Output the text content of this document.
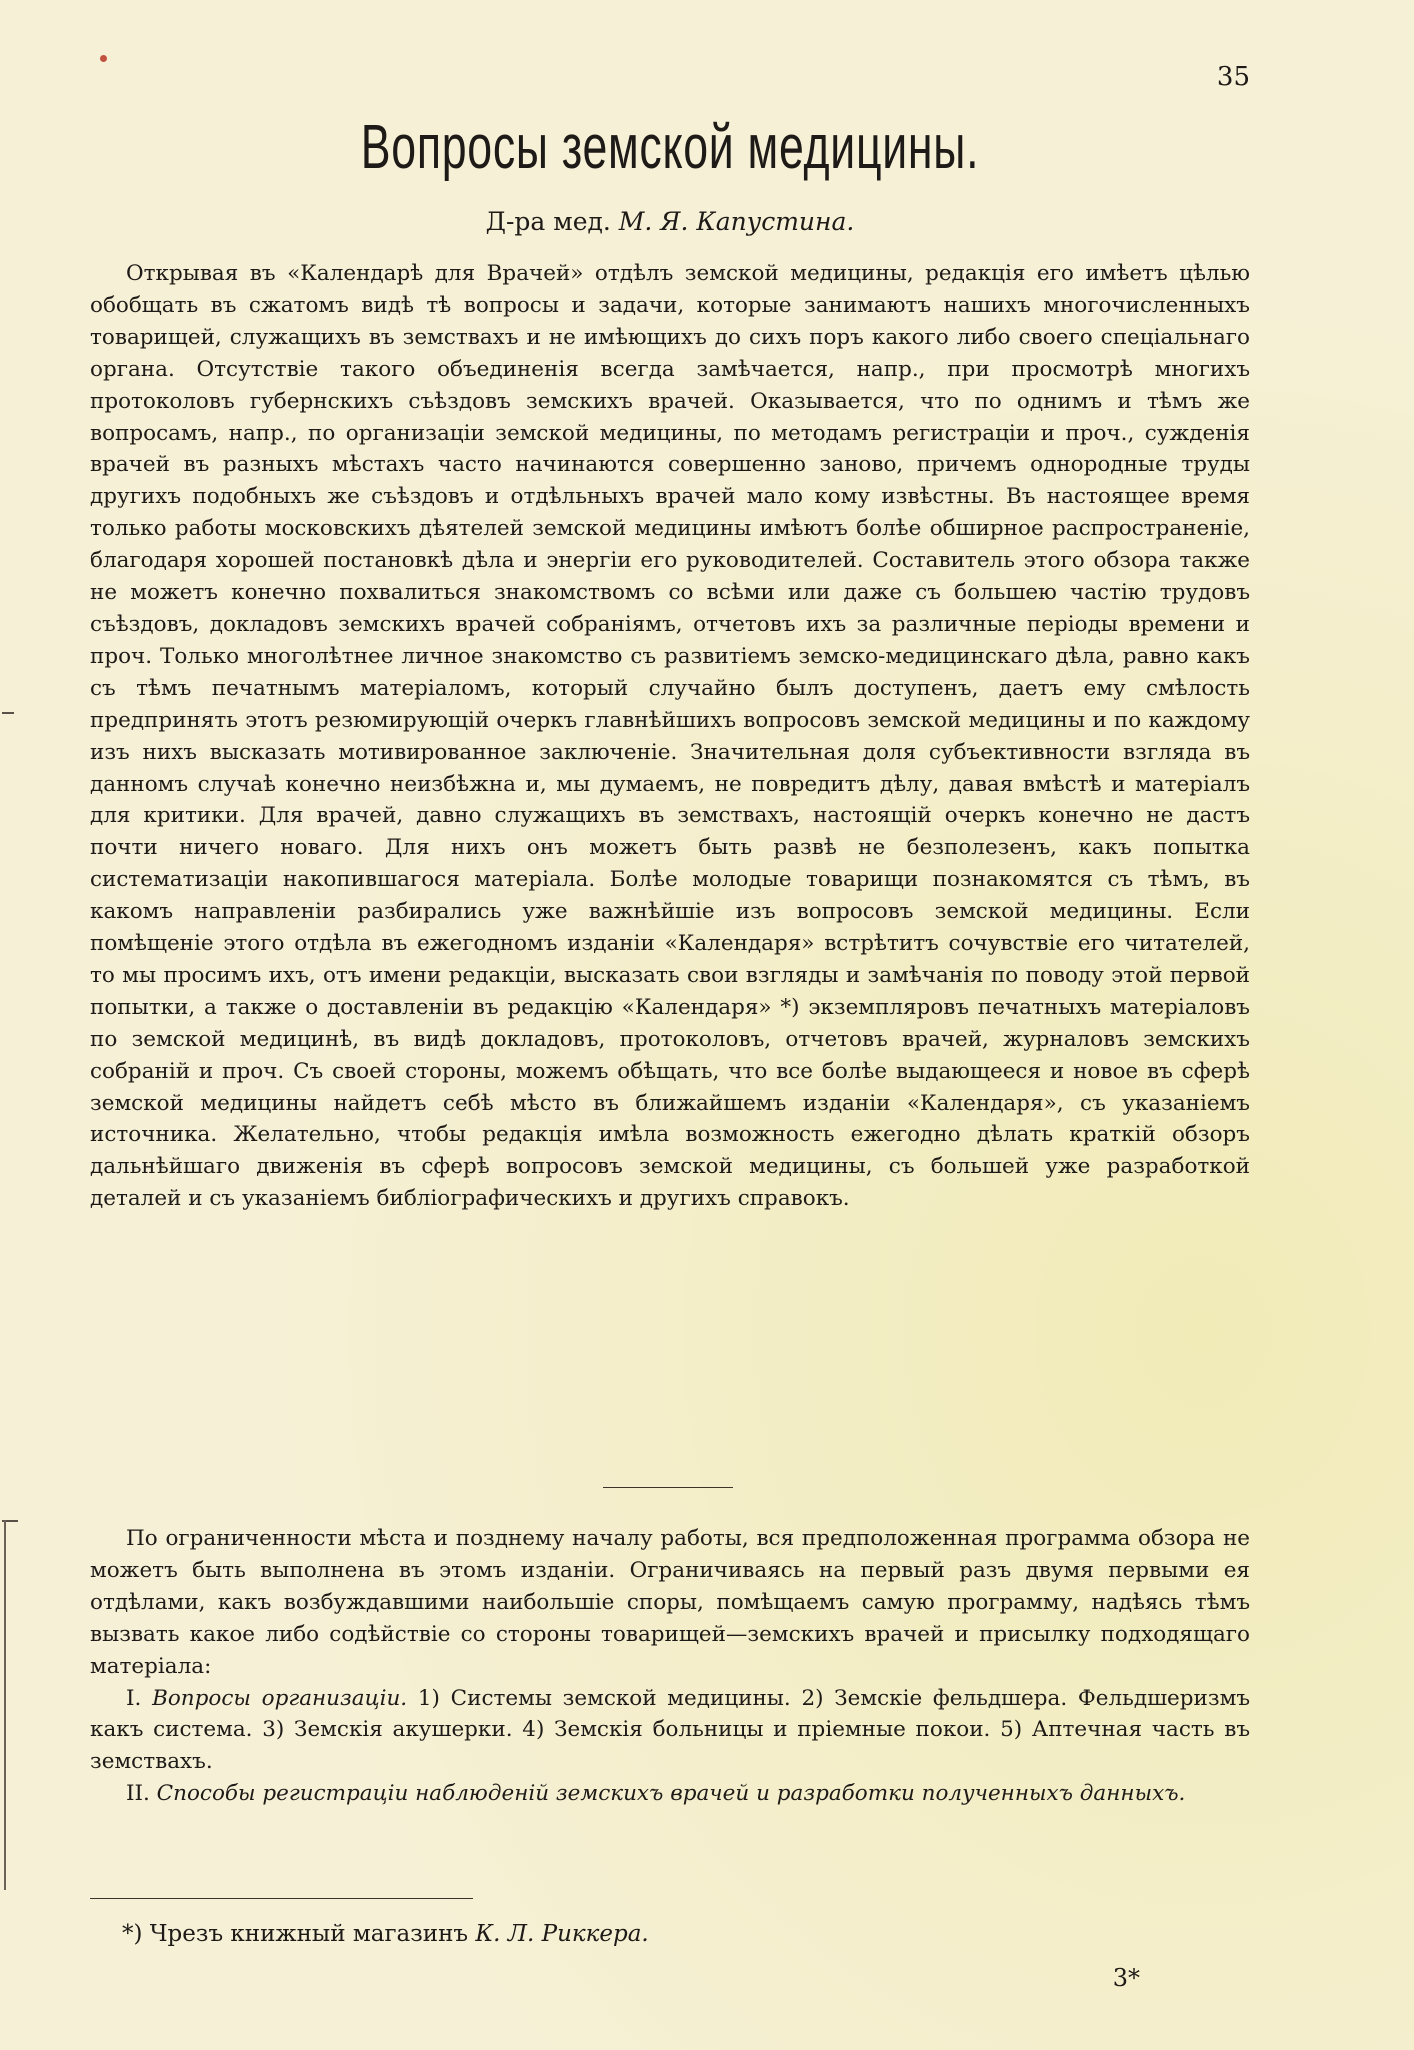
35
Вопросы земской медицины.
Д-ра мед. М. Я. Капустина.

Открывая въ «Календарѣ для Врачей» отдѣлъ земской медицины, редакція его имѣетъ цѣлью обобщать въ сжатомъ видѣ тѣ вопросы и задачи, которые занимаютъ нашихъ многочисленныхъ товарищей, служащихъ въ земствахъ и не имѣющихъ до сихъ поръ какого либо своего спеціальнаго органа. Отсутствіе такого объединенія всегда замѣчается, напр., при просмотрѣ многихъ протоколовъ губернскихъ съѣздовъ земскихъ врачей. Оказывается, что по однимъ и тѣмъ же вопросамъ, напр., по организаціи земской медицины, по методамъ регистраціи и проч., сужденія врачей въ разныхъ мѣстахъ часто начинаются совершенно заново, причемъ однородные труды другихъ подобныхъ же съѣздовъ и отдѣльныхъ врачей мало кому извѣстны. Въ настоящее время только работы московскихъ дѣятелей земской медицины имѣютъ болѣе обширное распространеніе, благодаря хорошей постановкѣ дѣла и энергіи его руководителей. Составитель этого обзора также не можетъ конечно похвалиться знакомствомъ со всѣми или даже съ большею частію трудовъ съѣздовъ, докладовъ земскихъ врачей собраніямъ, отчетовъ ихъ за различные періоды времени и проч. Только многолѣтнее личное знакомство съ развитіемъ земско-медицинскаго дѣла, равно какъ съ тѣмъ печатнымъ матеріаломъ, который случайно былъ доступенъ, даетъ ему смѣлость предпринять этотъ резюмирующій очеркъ главнѣйшихъ вопросовъ земской медицины и по каждому изъ нихъ высказать мотивированное заключеніе. Значительная доля субъективности взгляда въ данномъ случаѣ конечно неизбѣжна и, мы думаемъ, не повредитъ дѣлу, давая вмѣстѣ и матеріалъ для критики. Для врачей, давно служащихъ въ земствахъ, настоящій очеркъ конечно не дастъ почти ничего новаго. Для нихъ онъ можетъ быть развѣ не безполезенъ, какъ попытка систематизаціи накопившагося матеріала. Болѣе молодые товарищи познакомятся съ тѣмъ, въ какомъ направленіи разбирались уже важнѣйшіе изъ вопросовъ земской медицины. Если помѣщеніе этого отдѣла въ ежегодномъ изданіи «Календаря» встрѣтитъ сочувствіе его читателей, то мы просимъ ихъ, отъ имени редакціи, высказать свои взгляды и замѣчанія по поводу этой первой попытки, а также о доставленіи въ редакцію «Календаря» *) экземпляровъ печатныхъ матеріаловъ по земской медицинѣ, въ видѣ докладовъ, протоколовъ, отчетовъ врачей, журналовъ земскихъ собраній и проч. Съ своей стороны, можемъ обѣщать, что все болѣе выдающееся и новое въ сферѣ земской медицины найдетъ себѣ мѣсто въ ближайшемъ изданіи «Календаря», съ указаніемъ источника. Желательно, чтобы редакція имѣла возможность ежегодно дѣлать краткій обзоръ дальнѣйшаго движенія въ сферѣ вопросовъ земской медицины, съ большей уже разработкой деталей и съ указаніемъ библіографическихъ и другихъ справокъ.

По ограниченности мѣста и позднему началу работы, вся предположенная программа обзора не можетъ быть выполнена въ этомъ изданіи. Ограничиваясь на первый разъ двумя первыми ея отдѣлами, какъ возбуждавшими наибольшіе споры, помѣщаемъ самую программу, надѣясь тѣмъ вызвать какое либо содѣйствіе со стороны товарищей—земскихъ врачей и присылку подходящаго матеріала:

I. Вопросы организаціи. 1) Системы земской медицины. 2) Земскіе фельдшера. Фельдшеризмъ какъ система. 3) Земскія акушерки. 4) Земскія больницы и пріемные покои. 5) Аптечная часть въ земствахъ.

II. Способы регистраціи наблюденій земскихъ врачей и разработки полученныхъ данныхъ.

*) Чрезъ книжный магазинъ К. Л. Риккера.
3*
